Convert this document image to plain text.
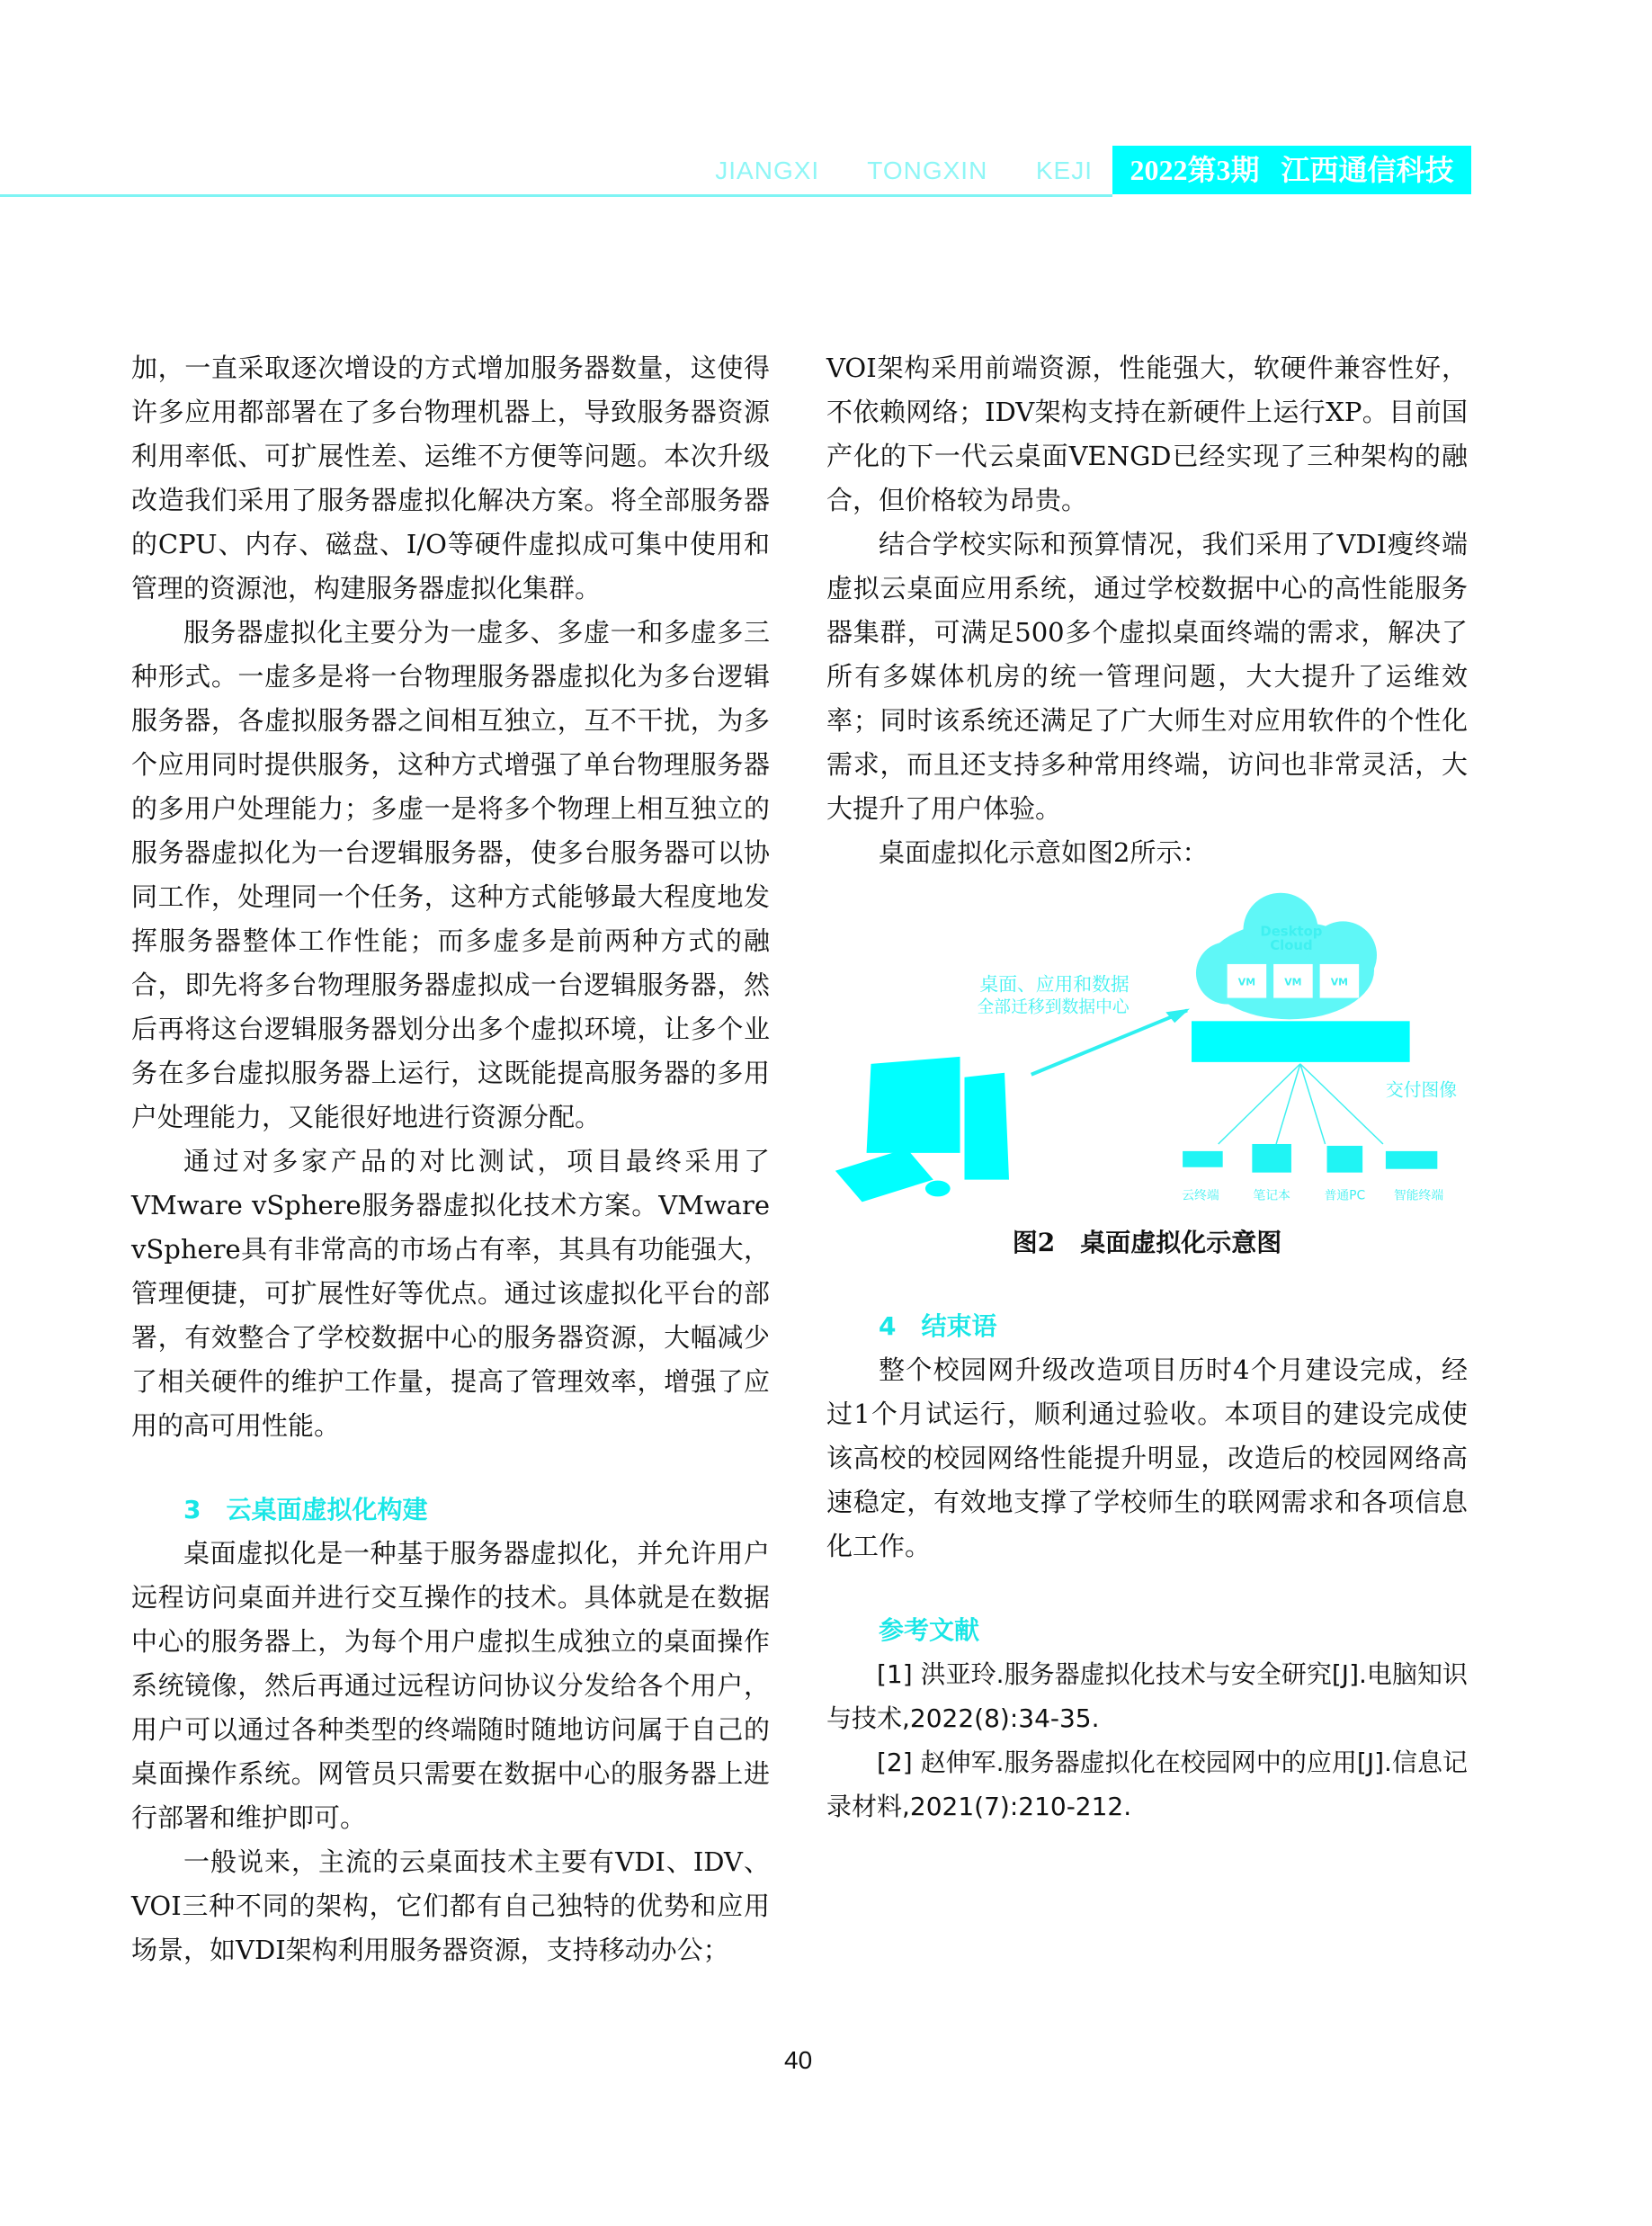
JIANGXI  TONGXIN  KEJI	2022第3期   江西通信科技

加，一直采取逐次增设的方式增加服务器数量，这使得许多应用都部署在了多台物理机器上，导致服务器资源利用率低、可扩展性差、运维不方便等问题。本次升级改造我们采用了服务器虚拟化解决方案。将全部服务器的CPU、内存、磁盘、I/O等硬件虚拟成可集中使用和管理的资源池，构建服务器虚拟化集群。

服务器虚拟化主要分为一虚多、多虚一和多虚多三种形式。一虚多是将一台物理服务器虚拟化为多台逻辑服务器，各虚拟服务器之间相互独立，互不干扰，为多个应用同时提供服务，这种方式增强了单台物理服务器的多用户处理能力；多虚一是将多个物理上相互独立的服务器虚拟化为一台逻辑服务器，使多台服务器可以协同工作，处理同一个任务，这种方式能够最大程度地发挥服务器整体工作性能；而多虚多是前两种方式的融合，即先将多台物理服务器虚拟成一台逻辑服务器，然后再将这台逻辑服务器划分出多个虚拟环境，让多个业务在多台虚拟服务器上运行，这既能提高服务器的多用户处理能力，又能很好地进行资源分配。

通过对多家产品的对比测试，项目最终采用了VMware vSphere服务器虚拟化技术方案。VMware vSphere具有非常高的市场占有率，其具有功能强大，管理便捷，可扩展性好等优点。通过该虚拟化平台的部署，有效整合了学校数据中心的服务器资源，大幅减少了相关硬件的维护工作量，提高了管理效率，增强了应用的高可用性能。

3　云桌面虚拟化构建

桌面虚拟化是一种基于服务器虚拟化，并允许用户远程访问桌面并进行交互操作的技术。具体就是在数据中心的服务器上，为每个用户虚拟生成独立的桌面操作系统镜像，然后再通过远程访问协议分发给各个用户，用户可以通过各种类型的终端随时随地访问属于自己的桌面操作系统。网管员只需要在数据中心的服务器上进行部署和维护即可。

一般说来，主流的云桌面技术主要有VDI、IDV、VOI三种不同的架构，它们都有自己独特的优势和应用场景，如VDI架构利用服务器资源，支持移动办公；

VOI架构采用前端资源，性能强大，软硬件兼容性好，不依赖网络；IDV架构支持在新硬件上运行XP。目前国产化的下一代云桌面VENGD已经实现了三种架构的融合，但价格较为昂贵。

结合学校实际和预算情况，我们采用了VDI瘦终端虚拟云桌面应用系统，通过学校数据中心的高性能服务器集群，可满足500多个虚拟桌面终端的需求，解决了所有多媒体机房的统一管理问题，大大提升了运维效率；同时该系统还满足了广大师生对应用软件的个性化需求，而且还支持多种常用终端，访问也非常灵活，大大提升了用户体验。

桌面虚拟化示意如图2所示：

Desktop
Cloud
VM	VM	VM
桌面、应用和数据
全部迁移到数据中心
交付图像
云终端	笔记本	普通PC 智能终端
图2　桌面虚拟化示意图
4　结束语

整个校园网升级改造项目历时4个月建设完成，经过1个月试运行，顺利通过验收。本项目的建设完成使该高校的校园网络性能提升明显，改造后的校园网络高速稳定，有效地支撑了学校师生的联网需求和各项信息化工作。

参考文献

[1] 洪亚玲.服务器虚拟化技术与安全研究[J].电脑知识与技术,2022(8):34-35.

[2] 赵伸军.服务器虚拟化在校园网中的应用[J].信息记录材料,2021(7):210-212.

40
